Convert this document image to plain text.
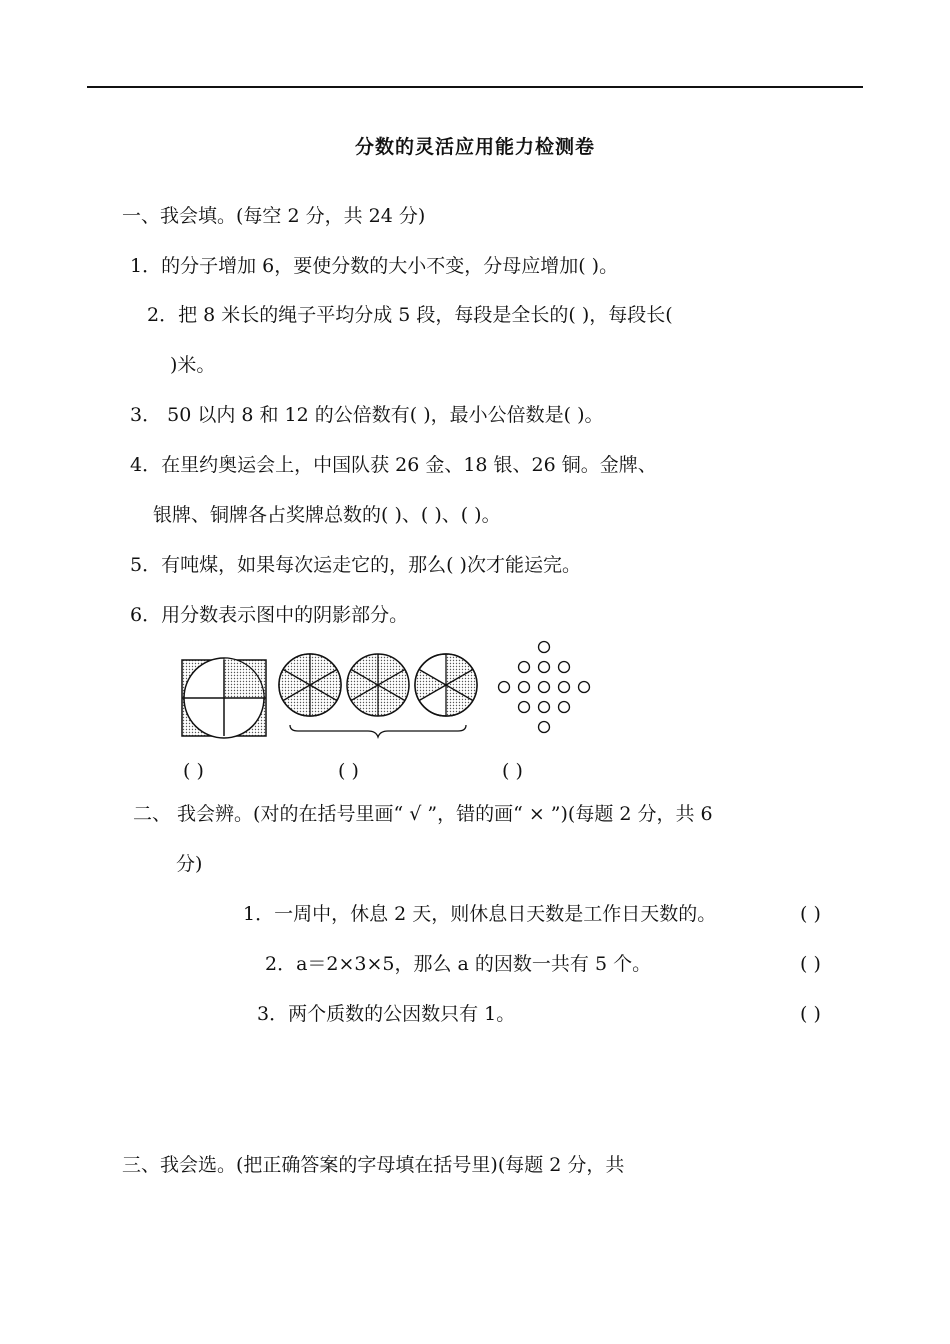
分数的灵活应用能力检测卷
一、我会填。(每空 2 分，共 24 分)
1．的分子增加 6，要使分数的大小不变，分母应增加( )。
2．把 8 米长的绳子平均分成 5 段，每段是全长的( )，每段长(
)米。
3． 50 以内 8 和 12 的公倍数有( )，最小公倍数是( )。
4．在里约奥运会上，中国队获 26 金、18 银、26 铜。金牌、
银牌、铜牌各占奖牌总数的( )、( )、( )。
5．有吨煤，如果每次运走它的，那么( )次才能运完。
6．用分数表示图中的阴影部分。
( )	( )	( )
二、 我会辨。(对的在括号里画“ √ ”，错的画“ × ”)(每题 2 分，共 6
分)
1．一周中，休息 2 天，则休息日天数是工作日天数的。	( )
2．a＝2×3×5，那么 a 的因数一共有 5 个。	( )
3．两个质数的公因数只有 1。	( )
三、我会选。(把正确答案的字母填在括号里)(每题 2 分，共
